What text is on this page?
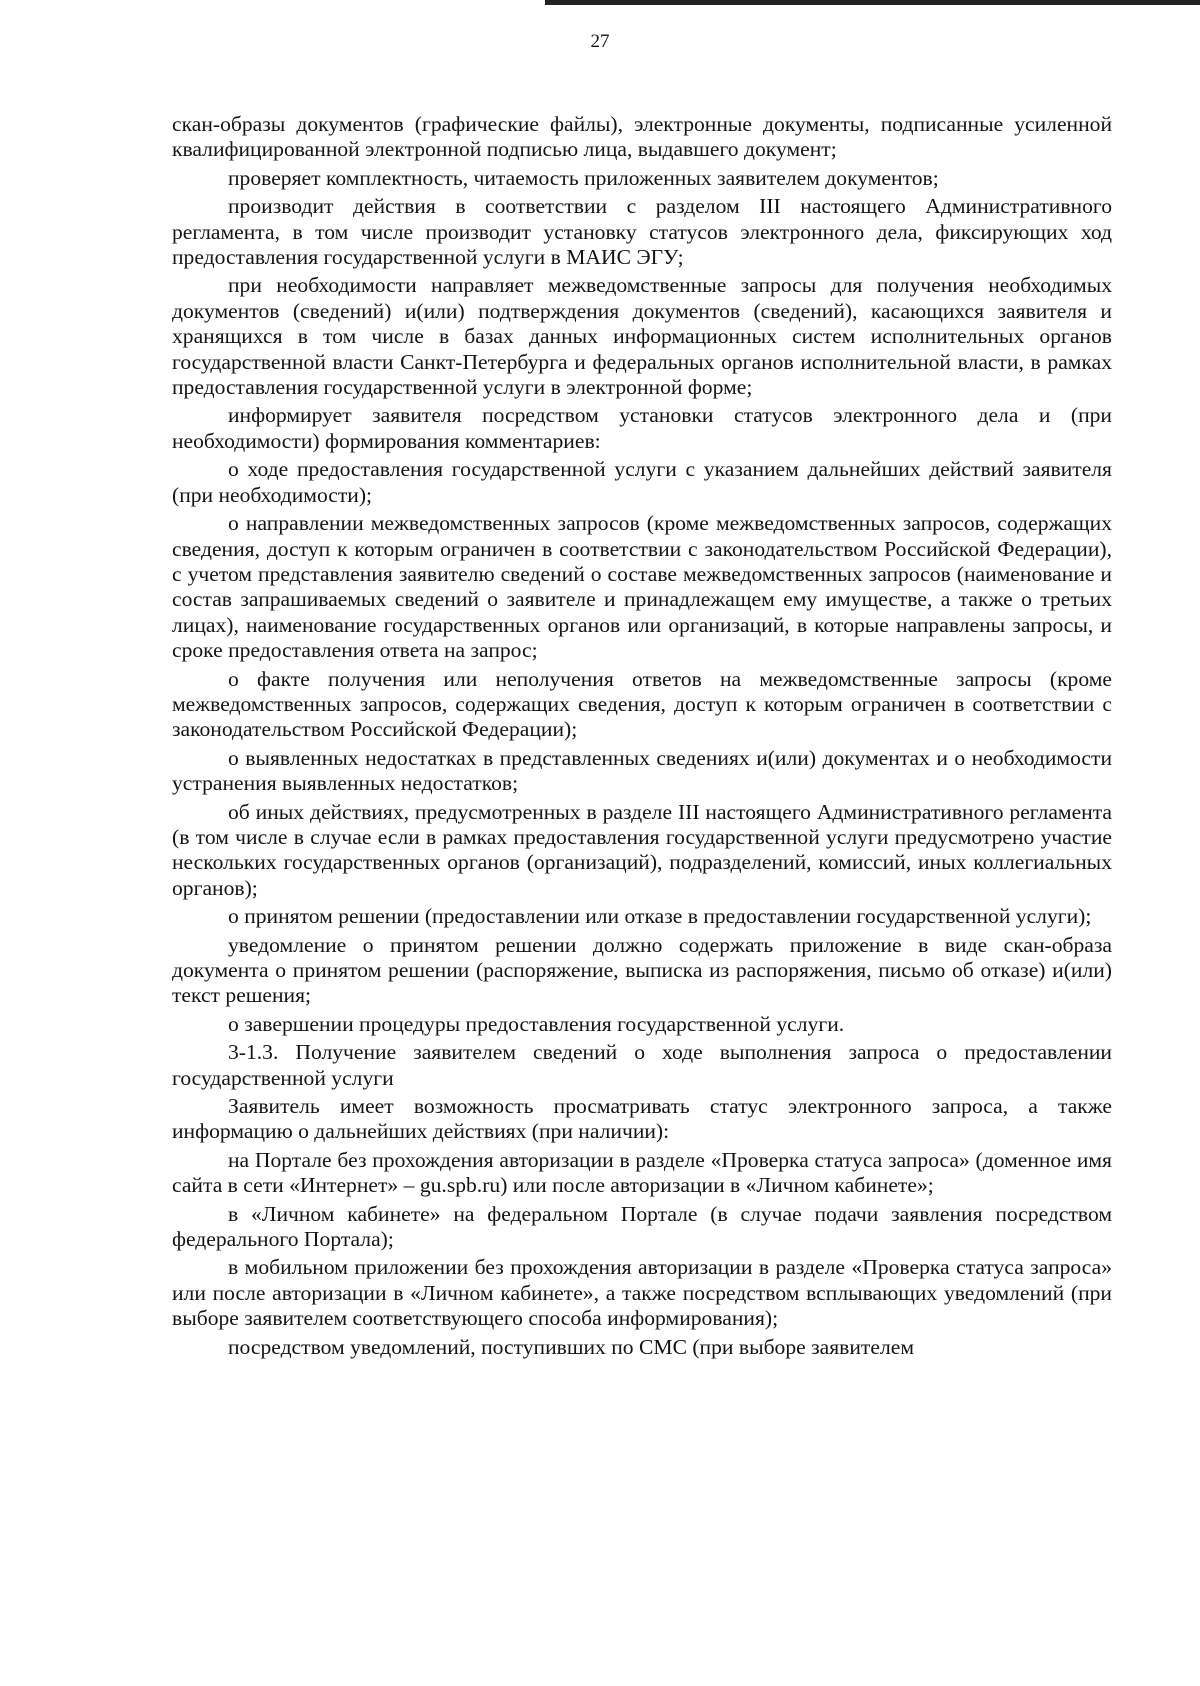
27

скан-образы документов (графические файлы), электронные документы, подписанные усиленной квалифицированной электронной подписью лица, выдавшего документ;

проверяет комплектность, читаемость приложенных заявителем документов;

производит действия в соответствии с разделом III настоящего Административного регламента, в том числе производит установку статусов электронного дела, фиксирующих ход предоставления государственной услуги в МАИС ЭГУ;

при необходимости направляет межведомственные запросы для получения необходимых документов (сведений) и(или) подтверждения документов (сведений), касающихся заявителя и хранящихся в том числе в базах данных информационных систем исполнительных органов государственной власти Санкт-Петербурга и федеральных органов исполнительной власти, в рамках предоставления государственной услуги в электронной форме;

информирует заявителя посредством установки статусов электронного дела и (при необходимости) формирования комментариев:

о ходе предоставления государственной услуги с указанием дальнейших действий заявителя (при необходимости);

о направлении межведомственных запросов (кроме межведомственных запросов, содержащих сведения, доступ к которым ограничен в соответствии с законодательством Российской Федерации), с учетом представления заявителю сведений о составе межведомственных запросов (наименование и состав запрашиваемых сведений о заявителе и принадлежащем ему имуществе, а также о третьих лицах), наименование государственных органов или организаций, в которые направлены запросы, и сроке предоставления ответа на запрос;

о факте получения или неполучения ответов на межведомственные запросы (кроме межведомственных запросов, содержащих сведения, доступ к которым ограничен в соответствии с законодательством Российской Федерации);

о выявленных недостатках в представленных сведениях и(или) документах и о необходимости устранения выявленных недостатков;

об иных действиях, предусмотренных в разделе III настоящего Административного регламента (в том числе в случае если в рамках предоставления государственной услуги предусмотрено участие нескольких государственных органов (организаций), подразделений, комиссий, иных коллегиальных органов);

о принятом решении (предоставлении или отказе в предоставлении государственной услуги);

уведомление о принятом решении должно содержать приложение в виде скан-образа документа о принятом решении (распоряжение, выписка из распоряжения, письмо об отказе) и(или) текст решения;

о завершении процедуры предоставления государственной услуги.

3-1.3. Получение заявителем сведений о ходе выполнения запроса о предоставлении государственной услуги

Заявитель имеет возможность просматривать статус электронного запроса, а также информацию о дальнейших действиях (при наличии):

на Портале без прохождения авторизации в разделе «Проверка статуса запроса» (доменное имя сайта в сети «Интернет» – gu.spb.ru) или после авторизации в «Личном кабинете»;

в «Личном кабинете» на федеральном Портале (в случае подачи заявления посредством федерального Портала);

в мобильном приложении без прохождения авторизации в разделе «Проверка статуса запроса» или после авторизации в «Личном кабинете», а также посредством всплывающих уведомлений (при выборе заявителем соответствующего способа информирования);

посредством уведомлений, поступивших по СМС (при выборе заявителем
